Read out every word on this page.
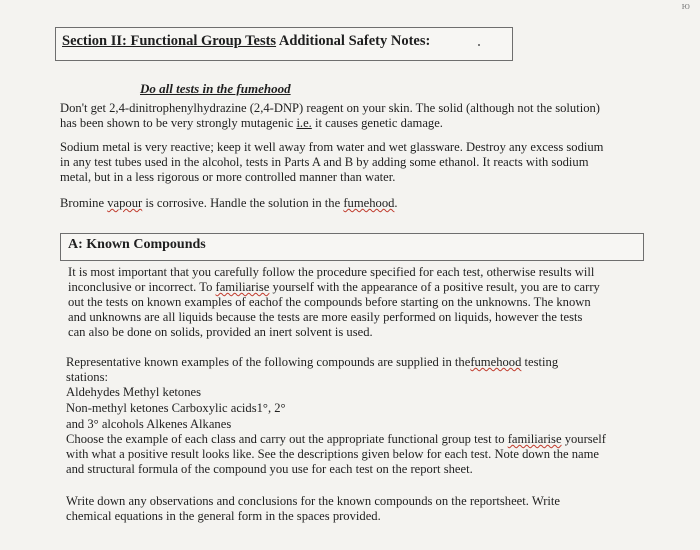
ю
Section II: Functional Group Tests Additional Safety Notes:
Do all tests in the fumehood
Don't get 2,4-dinitrophenylhydrazine (2,4-DNP) reagent on your skin. The solid (although not the solution)
has been shown to be very strongly mutagenic i.e. it causes genetic damage.
Sodium metal is very reactive; keep it well away from water and wet glassware. Destroy any excess sodium
in any test tubes used in the alcohol, tests in Parts A and B by adding some ethanol. It reacts with sodium
metal, but in a less rigorous or more controlled manner than water.
Bromine vapour is corrosive. Handle the solution in the fumehood.
A: Known Compounds
It is most important that you carefully follow the procedure specified for each test, otherwise results will
inconclusive or incorrect. To familiarise yourself with the appearance of a positive result, you are to carry
out the tests on known examples of eachof the compounds before starting on the unknowns. The known
and unknowns are all liquids because the tests are more easily performed on liquids, however the tests
can also be done on solids, provided an inert solvent is used.
Representative known examples of the following compounds are supplied in thefumehood testing
stations:
Aldehydes Methyl ketones
Non-methyl ketones Carboxylic acids1°, 2°
and 3° alcohols Alkenes Alkanes
Choose the example of each class and carry out the appropriate functional group test to familiarise yourself
with what a positive result looks like. See the descriptions given below for each test. Note down the name
and structural formula of the compound you use for each test on the report sheet.
Write down any observations and conclusions for the known compounds on the reportsheet. Write
chemical equations in the general form in the spaces provided.
